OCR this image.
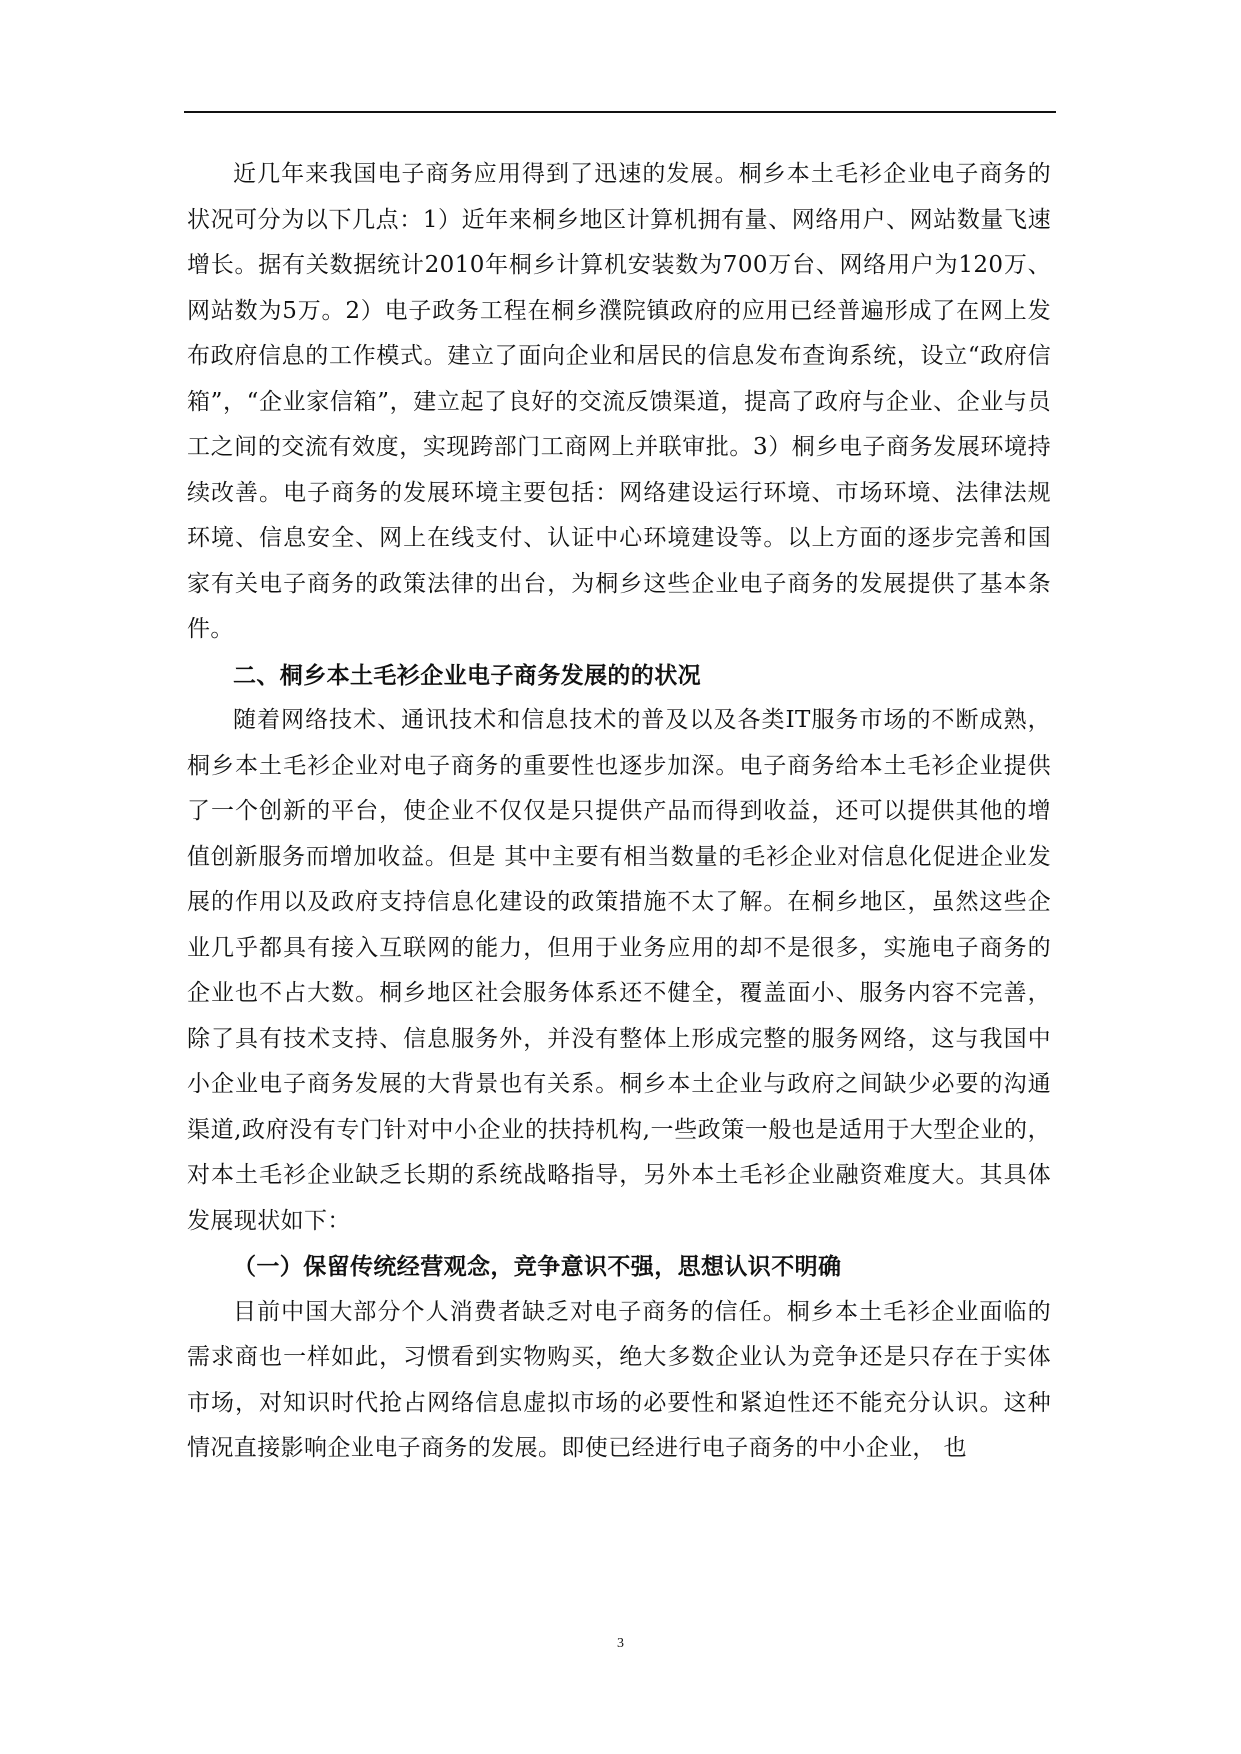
近几年来我国电子商务应用得到了迅速的发展。桐乡本土毛衫企业电子商务的状况可分为以下几点：1）近年来桐乡地区计算机拥有量、网络用户、网站数量飞速增长。据有关数据统计2010年桐乡计算机安装数为700万台、网络用户为120万、网站数为5万。2）电子政务工程在桐乡濮院镇政府的应用已经普遍形成了在网上发布政府信息的工作模式。建立了面向企业和居民的信息发布查询系统，设立“政府信箱”，“企业家信箱”，建立起了良好的交流反馈渠道，提高了政府与企业、企业与员工之间的交流有效度，实现跨部门工商网上并联审批。3）桐乡电子商务发展环境持续改善。电子商务的发展环境主要包括：网络建设运行环境、市场环境、法律法规环境、信息安全、网上在线支付、认证中心环境建设等。以上方面的逐步完善和国家有关电子商务的政策法律的出台，为桐乡这些企业电子商务的发展提供了基本条件。

二、桐乡本土毛衫企业电子商务发展的的状况

随着网络技术、通讯技术和信息技术的普及以及各类IT服务市场的不断成熟，桐乡本土毛衫企业对电子商务的重要性也逐步加深。电子商务给本土毛衫企业提供了一个创新的平台，使企业不仅仅是只提供产品而得到收益，还可以提供其他的增值创新服务而增加收益。但是 其中主要有相当数量的毛衫企业对信息化促进企业发展的作用以及政府支持信息化建设的政策措施不太了解。在桐乡地区，虽然这些企业几乎都具有接入互联网的能力，但用于业务应用的却不是很多，实施电子商务的企业也不占大数。桐乡地区社会服务体系还不健全，覆盖面小、服务内容不完善，除了具有技术支持、信息服务外，并没有整体上形成完整的服务网络，这与我国中小企业电子商务发展的大背景也有关系。桐乡本土企业与政府之间缺少必要的沟通渠道,政府没有专门针对中小企业的扶持机构,一些政策一般也是适用于大型企业的，对本土毛衫企业缺乏长期的系统战略指导，另外本土毛衫企业融资难度大。其具体发展现状如下：

（一）保留传统经营观念，竞争意识不强，思想认识不明确

目前中国大部分个人消费者缺乏对电子商务的信任。桐乡本土毛衫企业面临的需求商也一样如此，习惯看到实物购买，绝大多数企业认为竞争还是只存在于实体市场，对知识时代抢占网络信息虚拟市场的必要性和紧迫性还不能充分认识。这种情况直接影响企业电子商务的发展。即使已经进行电子商务的中小企业， 也

3
